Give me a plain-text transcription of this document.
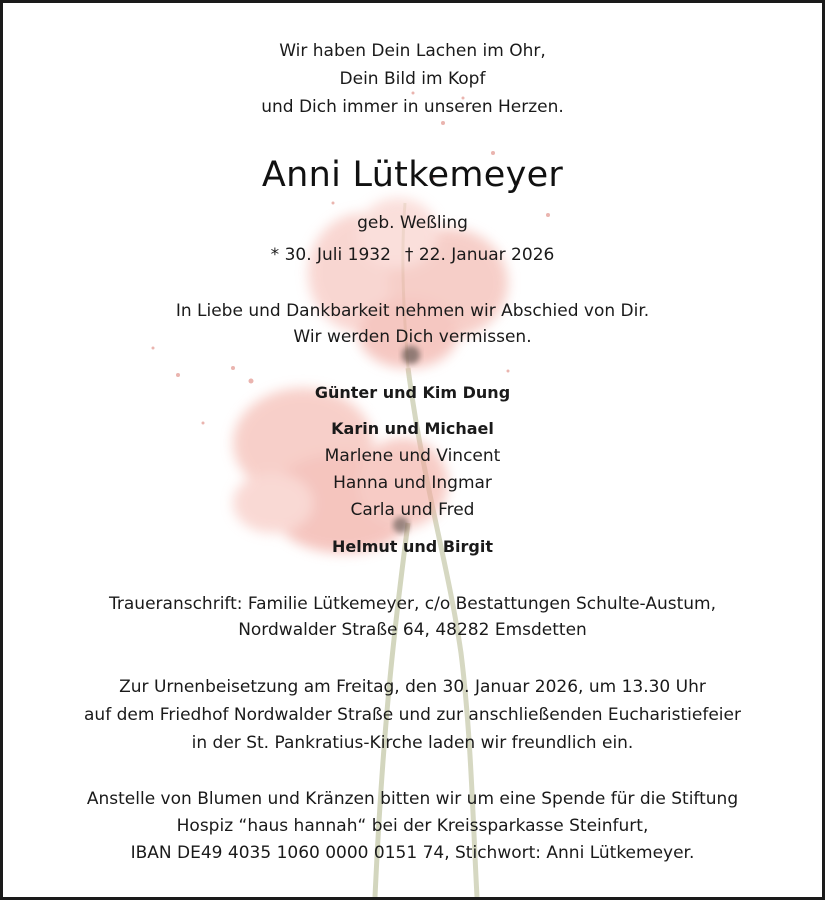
Wir haben Dein Lachen im Ohr,
Dein Bild im Kopf
und Dich immer in unseren Herzen.
Anni Lütkemeyer
geb. Weßling
* 30. Juli 1932 † 22. Januar 2026
In Liebe und Dankbarkeit nehmen wir Abschied von Dir.
Wir werden Dich vermissen.
Günter und Kim Dung
Karin und Michael
Marlene und Vincent
Hanna und Ingmar
Carla und Fred
Helmut und Birgit
Traueranschrift: Familie Lütkemeyer, c/o Bestattungen Schulte-Austum,
Nordwalder Straße 64, 48282 Emsdetten
Zur Urnenbeisetzung am Freitag, den 30. Januar 2026, um 13.30 Uhr
auf dem Friedhof Nordwalder Straße und zur anschließenden Eucharistiefeier
in der St. Pankratius-Kirche laden wir freundlich ein.
Anstelle von Blumen und Kränzen bitten wir um eine Spende für die Stiftung
Hospiz “haus hannah“ bei der Kreissparkasse Steinfurt,
IBAN DE49 4035 1060 0000 0151 74, Stichwort: Anni Lütkemeyer.
